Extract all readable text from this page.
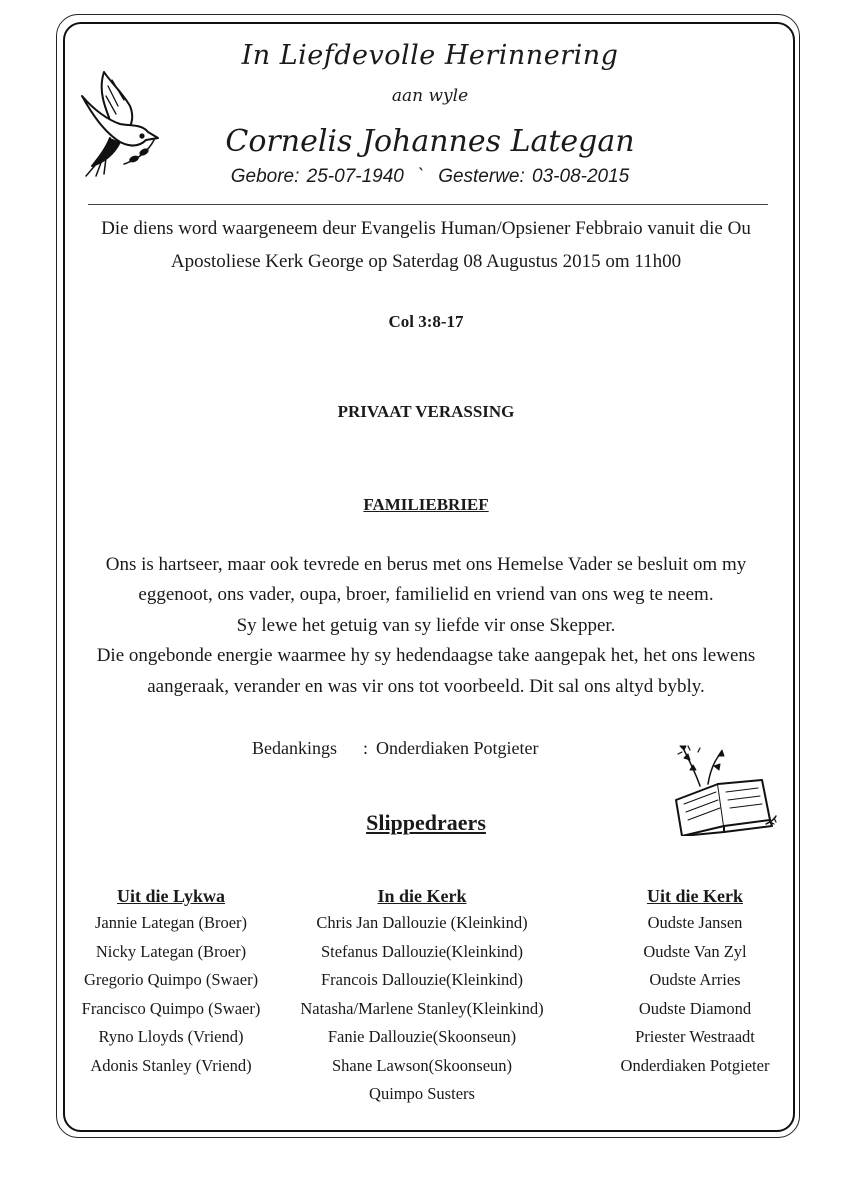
In Liefdevolle Herinnering
aan wyle
Cornelis Johannes Lategan
Gebore: 25-07-1940 ` Gesterwe: 03-08-2015
Die diens word waargeneem deur Evangelis Human/Opsiener Febbraio vanuit die Ou
Apostoliese Kerk George op Saterdag 08 Augustus 2015 om 11h00
Col 3:8-17
PRIVAAT VERASSING
FAMILIEBRIEF
Ons is hartseer, maar ook tevrede en berus met ons Hemelse Vader se besluit om my
eggenoot, ons vader, oupa, broer, familielid en vriend van ons weg te neem.
Sy lewe het getuig van sy liefde vir onse Skepper.
Die ongebonde energie waarmee hy sy hedendaagse take aangepak het, het ons lewens
aangeraak, verander en was vir ons tot voorbeeld. Dit sal ons altyd bybly.
Bedankings : Onderdiaken Potgieter
Slippedraers
Uit die Lykwa
Jannie Lategan (Broer)
Nicky Lategan (Broer)
Gregorio Quimpo (Swaer)
Francisco Quimpo (Swaer)
Ryno Lloyds (Vriend)
Adonis Stanley (Vriend)
In die Kerk
Chris Jan Dallouzie (Kleinkind)
Stefanus Dallouzie(Kleinkind)
Francois Dallouzie(Kleinkind)
Natasha/Marlene Stanley(Kleinkind)
Fanie Dallouzie(Skoonseun)
Shane Lawson(Skoonseun)
Quimpo Susters
Uit die Kerk
Oudste Jansen
Oudste Van Zyl
Oudste Arries
Oudste Diamond
Priester Westraadt
Onderdiaken Potgieter
